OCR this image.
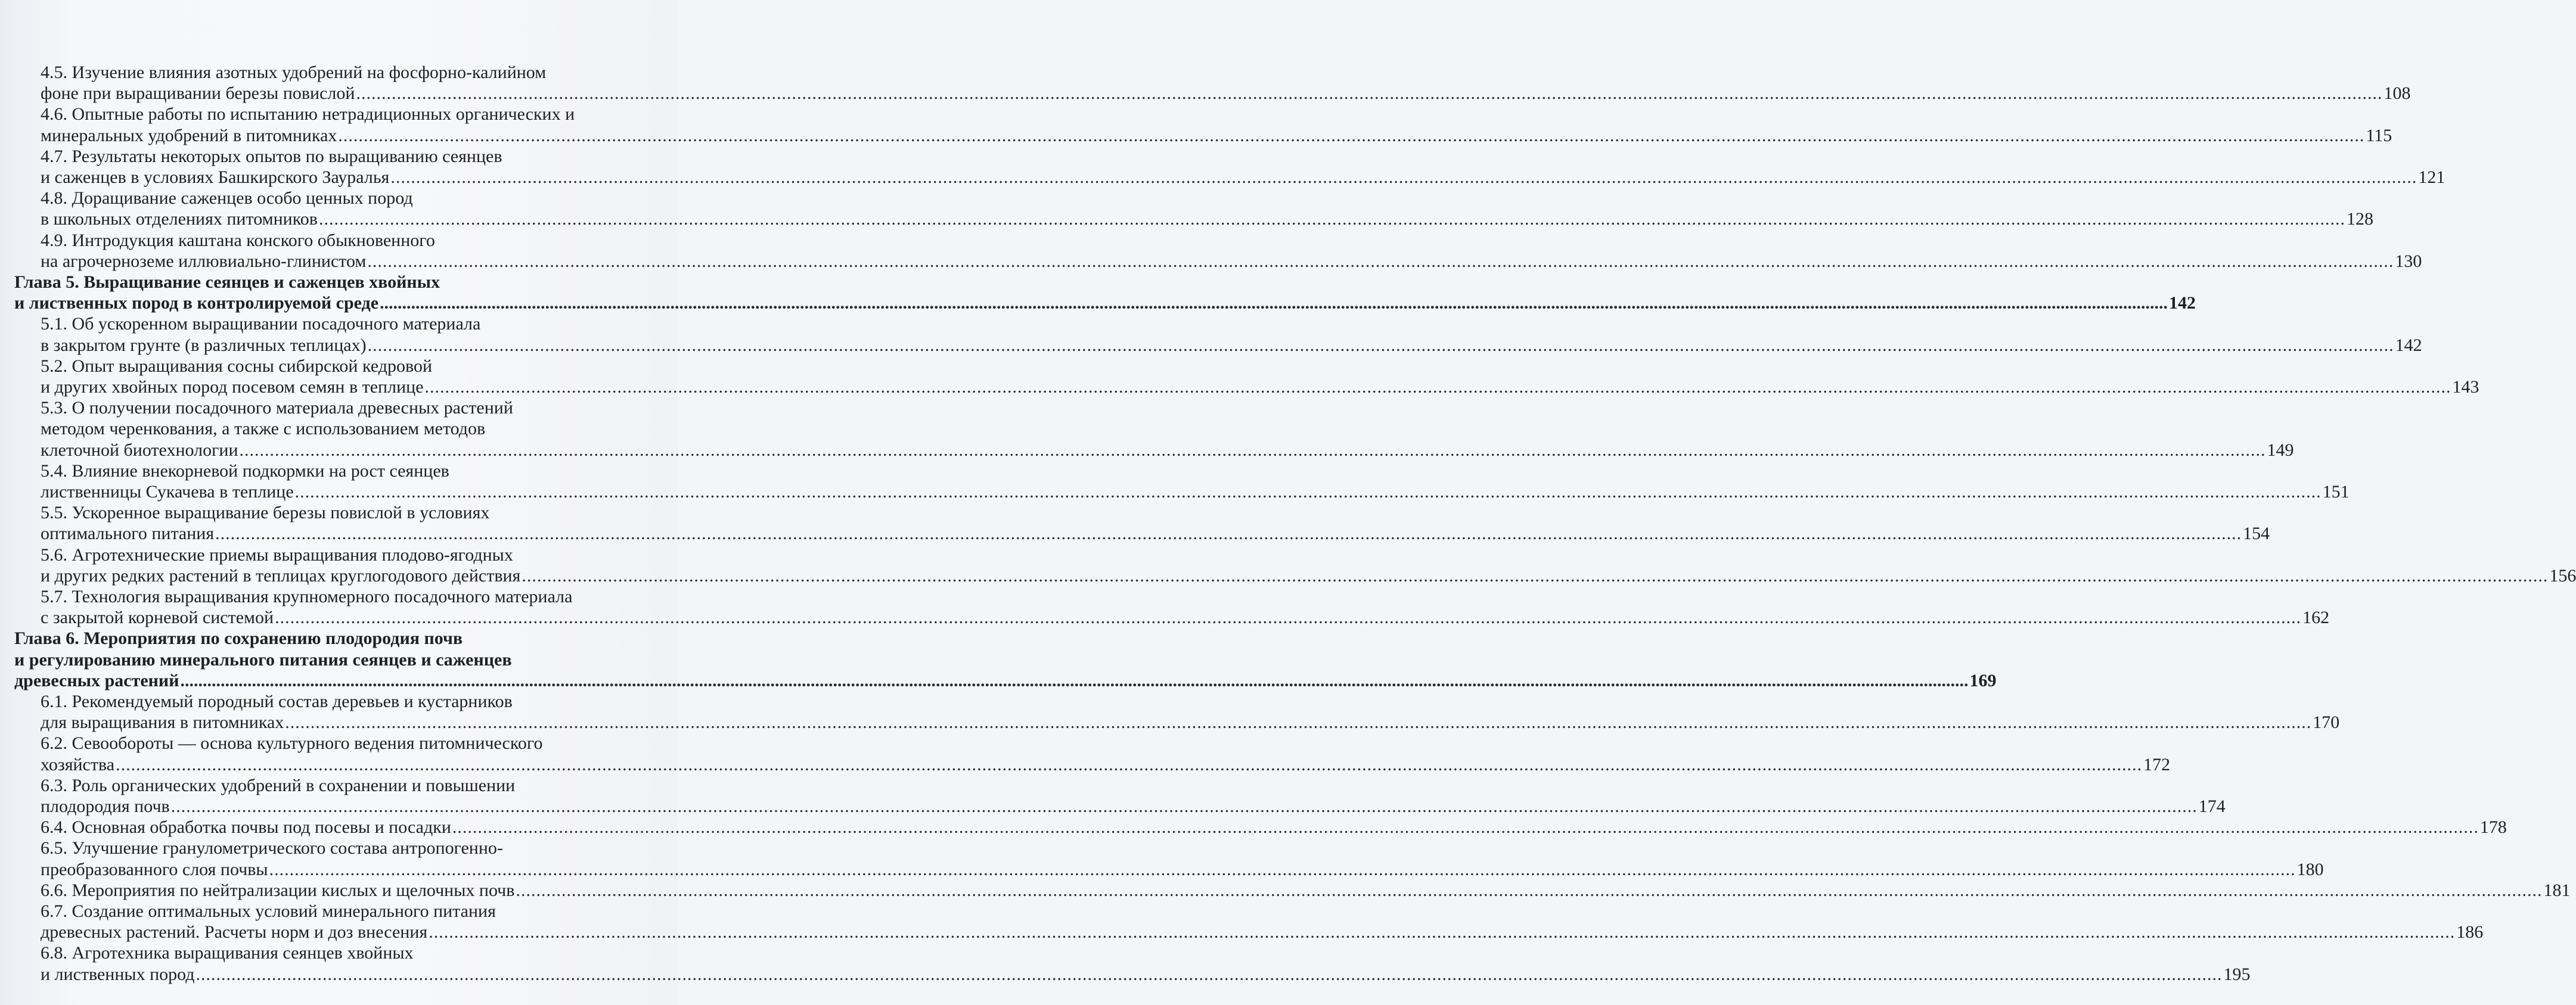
4.5. Изучение влияния азотных удобрений на фосфорно-калийном
фоне при выращивании березы повислой ................................................................................................................................................................................................................................................................................................................................................................................................................ 108
4.6. Опытные работы по испытанию нетрадиционных органических и
минеральных удобрений в питомниках ................................................................................................................................................................................................................................................................................................................................................................................................................ 115
4.7. Результаты некоторых опытов по выращиванию сеянцев
и саженцев в условиях Башкирского Зауралья ................................................................................................................................................................................................................................................................................................................................................................................................................ 121
4.8. Доращивание саженцев особо ценных пород
в школьных отделениях питомников ................................................................................................................................................................................................................................................................................................................................................................................................................ 128
4.9. Интродукция каштана конского обыкновенного
на агрочерноземе иллювиально-глинистом ................................................................................................................................................................................................................................................................................................................................................................................................................ 130
Глава 5. Выращивание сеянцев и саженцев хвойных
и лиственных пород в контролируемой среде ................................................................................................................................................................................................................................................................................................................................................................................................................ 142
5.1. Об ускоренном выращивании посадочного материала
в закрытом грунте (в различных теплицах) ................................................................................................................................................................................................................................................................................................................................................................................................................ 142
5.2. Опыт выращивания сосны сибирской кедровой
и других хвойных пород посевом семян в теплице ................................................................................................................................................................................................................................................................................................................................................................................................................ 143
5.3. О получении посадочного материала древесных растений
методом черенкования, а также с использованием методов
клеточной биотехнологии ................................................................................................................................................................................................................................................................................................................................................................................................................ 149
5.4. Влияние внекорневой подкормки на рост сеянцев
лиственницы Сукачева в теплице ................................................................................................................................................................................................................................................................................................................................................................................................................ 151
5.5. Ускоренное выращивание березы повислой в условиях
оптимального питания ................................................................................................................................................................................................................................................................................................................................................................................................................ 154
5.6. Агротехнические приемы выращивания плодово-ягодных
и других редких растений в теплицах круглогодового действия ................................................................................................................................................................................................................................................................................................................................................................................................................ 156
5.7. Технология выращивания крупномерного посадочного материала
с закрытой корневой системой ................................................................................................................................................................................................................................................................................................................................................................................................................ 162
Глава 6. Мероприятия по сохранению плодородия почв
и регулированию минерального питания сеянцев и саженцев
древесных растений ................................................................................................................................................................................................................................................................................................................................................................................................................ 169
6.1. Рекомендуемый породный состав деревьев и кустарников
для выращивания в питомниках ................................................................................................................................................................................................................................................................................................................................................................................................................ 170
6.2. Севообороты — основа культурного ведения питомнического
хозяйства ................................................................................................................................................................................................................................................................................................................................................................................................................ 172
6.3. Роль органических удобрений в сохранении и повышении
плодородия почв ................................................................................................................................................................................................................................................................................................................................................................................................................ 174
6.4. Основная обработка почвы под посевы и посадки ................................................................................................................................................................................................................................................................................................................................................................................................................ 178
6.5. Улучшение гранулометрического состава антропогенно-
преобразованного слоя почвы ................................................................................................................................................................................................................................................................................................................................................................................................................ 180
6.6. Мероприятия по нейтрализации кислых и щелочных почв ................................................................................................................................................................................................................................................................................................................................................................................................................ 181
6.7. Создание оптимальных условий минерального питания
древесных растений. Расчеты норм и доз внесения ................................................................................................................................................................................................................................................................................................................................................................................................................ 186
6.8. Агротехника выращивания сеянцев хвойных
и лиственных пород ................................................................................................................................................................................................................................................................................................................................................................................................................ 195
